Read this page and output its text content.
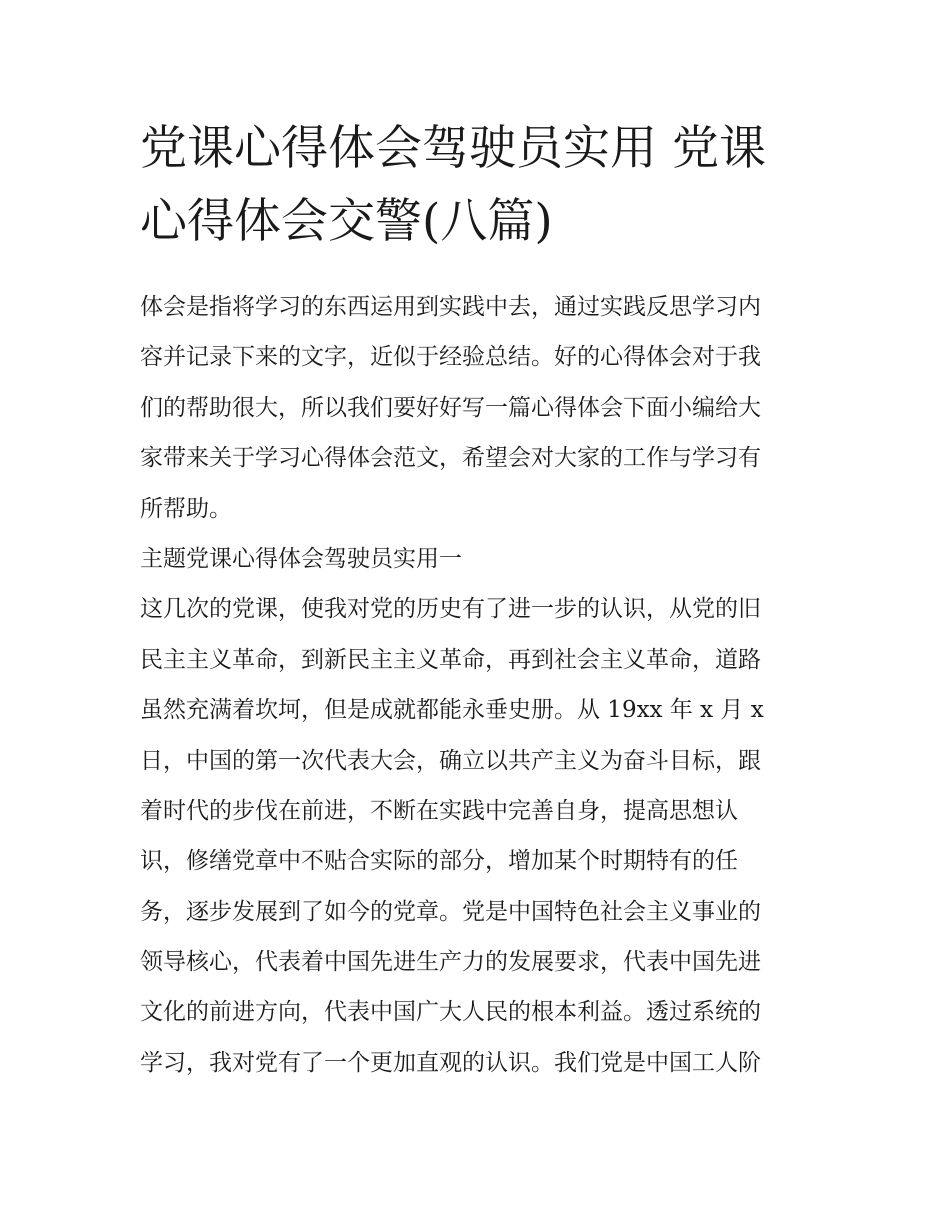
党课心得体会驾驶员实用 党课
心得体会交警(八篇)
体会是指将学习的东西运用到实践中去，通过实践反思学习内
容并记录下来的文字，近似于经验总结。好的心得体会对于我
们的帮助很大，所以我们要好好写一篇心得体会下面小编给大
家带来关于学习心得体会范文，希望会对大家的工作与学习有
所帮助。
主题党课心得体会驾驶员实用一
这几次的党课，使我对党的历史有了进一步的认识，从党的旧
民主主义革命，到新民主主义革命，再到社会主义革命，道路
虽然充满着坎坷，但是成就都能永垂史册。从 19xx 年 x 月 x
日，中国的第一次代表大会，确立以共产主义为奋斗目标，跟
着时代的步伐在前进，不断在实践中完善自身，提高思想认
识，修缮党章中不贴合实际的部分，增加某个时期特有的任
务，逐步发展到了如今的党章。党是中国特色社会主义事业的
领导核心，代表着中国先进生产力的发展要求，代表中国先进
文化的前进方向，代表中国广大人民的根本利益。透过系统的
学习，我对党有了一个更加直观的认识。我们党是中国工人阶
